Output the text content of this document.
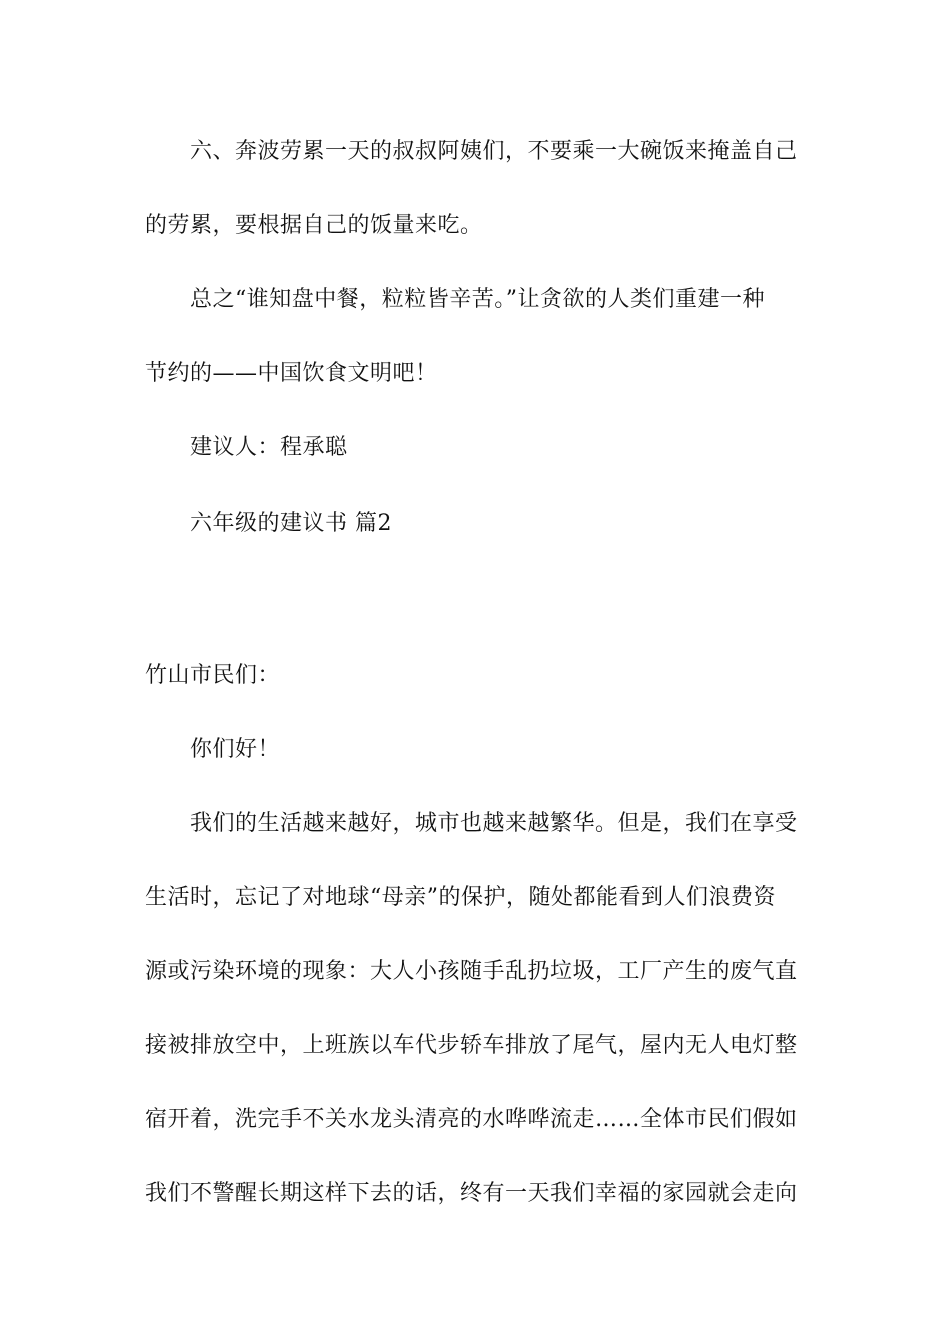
六、奔波劳累一天的叔叔阿姨们，不要乘一大碗饭来掩盖自己
的劳累，要根据自己的饭量来吃。
总之“谁知盘中餐，粒粒皆辛苦。”让贪欲的人类们重建一种
节约的——中国饮食文明吧！
建议人：程承聪
六年级的建议书 篇2
竹山市民们：
你们好！
我们的生活越来越好，城市也越来越繁华。但是，我们在享受
生活时，忘记了对地球“母亲”的保护，随处都能看到人们浪费资
源或污染环境的现象：大人小孩随手乱扔垃圾，工厂产生的废气直
接被排放空中，上班族以车代步轿车排放了尾气，屋内无人电灯整
宿开着，洗完手不关水龙头清亮的水哗哗流走……全体市民们假如
我们不警醒长期这样下去的话，终有一天我们幸福的家园就会走向
